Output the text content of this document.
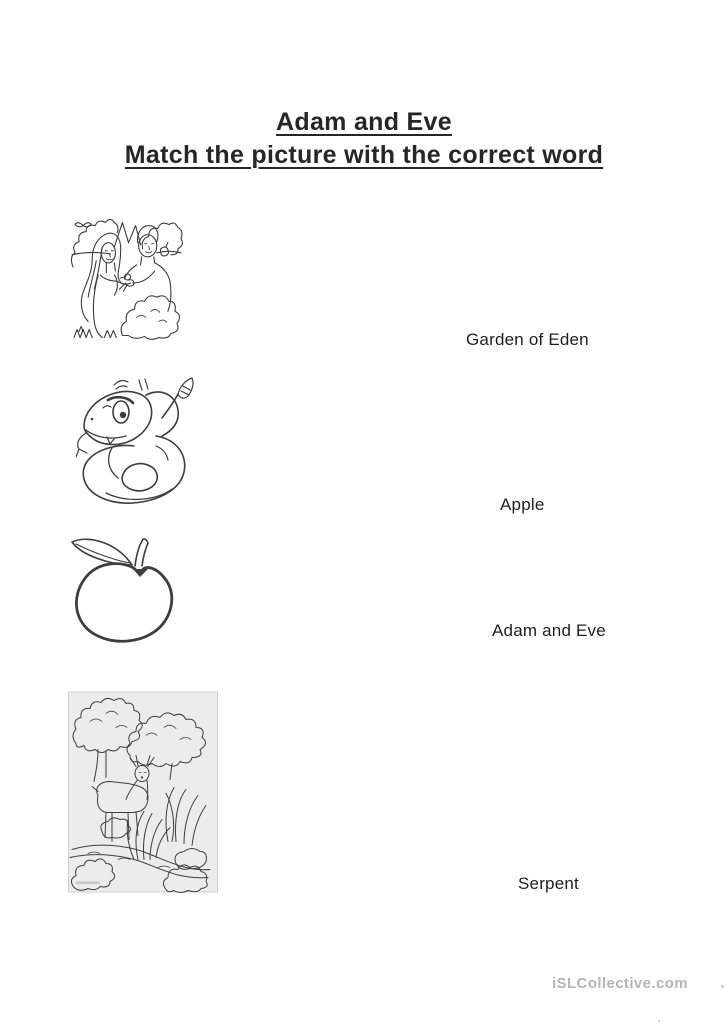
Adam and Eve
Match the picture with the correct word
Garden of Eden
Apple
Adam and Eve
Serpent
iSLCollective.com
